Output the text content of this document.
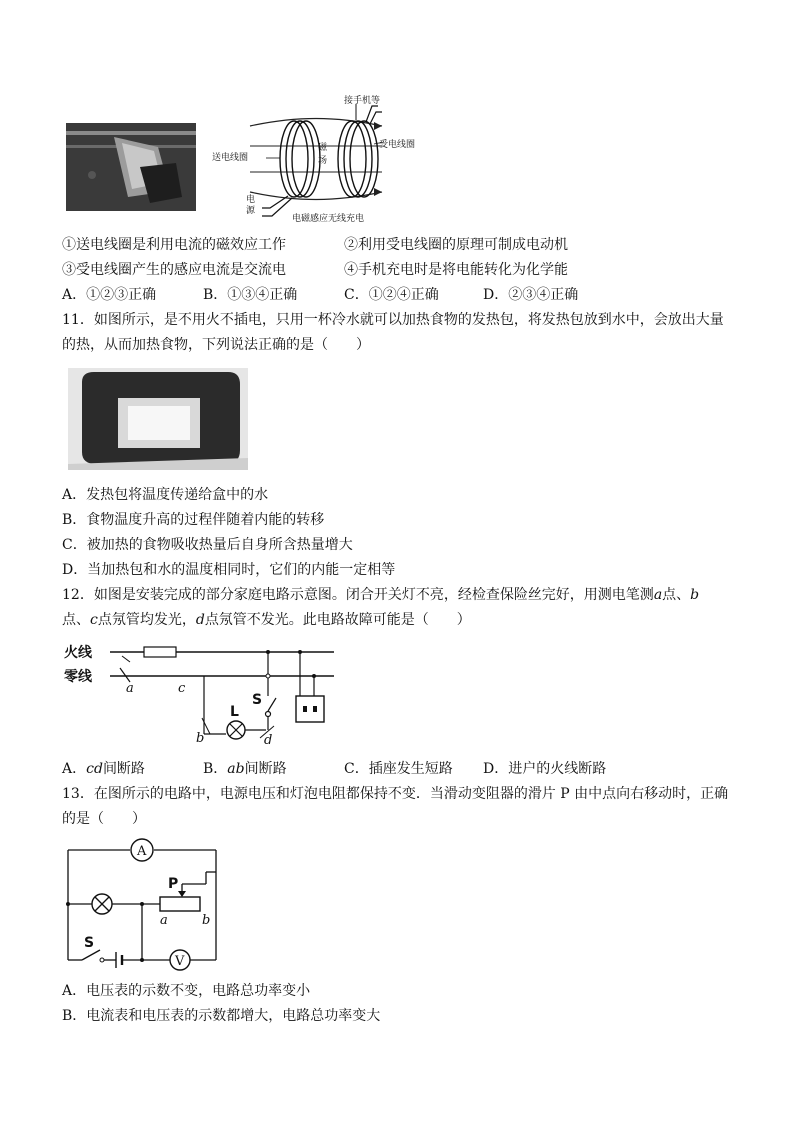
接手机等
送电线圈
受电线圈
磁
场
电
源
电磁感应无线充电
①送电线圈是利用电流的磁效应工作	②利用受电线圈的原理可制成电动机
③受电线圈产生的感应电流是交流电	④手机充电时是将电能转化为化学能
A．①②③正确	B．①③④正确	C．①②④正确	D．②③④正确
11．如图所示，是不用火不插电，只用一杯冷水就可以加热食物的发热包，将发热包放到水中，会放出大量
的热，从而加热食物，下列说法正确的是（　　）
A．发热包将温度传递给盒中的水
B．食物温度升高的过程伴随着内能的转移
C．被加热的食物吸收热量后自身所含热量增大
D．当加热包和水的温度相同时，它们的内能一定相等
12．如图是安装完成的部分家庭电路示意图。闭合开关灯不亮，经检查保险丝完好，用测电笔测a点、b
点、c点氖管均发光，d点氖管不发光。此电路故障可能是（　　）
火线
零线
a	c
b	d
L
S
A．cd间断路	B．ab间断路	C．插座发生短路 D．进户的火线断路
13．在图所示的电路中，电源电压和灯泡电阻都保持不变．当滑动变阻器的滑片 P 由中点向右移动时，正确
的是（　　）
A
V
P
a	b
S
A．电压表的示数不变，电路总功率变小
B．电流表和电压表的示数都增大，电路总功率变大
